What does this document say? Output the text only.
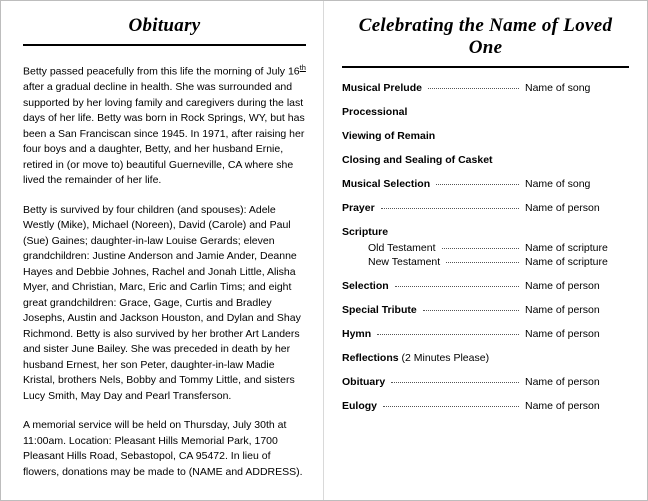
Obituary

Betty passed peacefully from this life the morning of July 16th after a gradual decline in health. She was surrounded and supported by her loving family and caregivers during the last days of her life. Betty was born in Rock Springs, WY, but has been a San Franciscan since 1945. In 1971, after raising her four boys and a daughter, Betty, and her husband Ernie, retired in (or move to) beautiful Guerneville, CA where she lived the remainder of her life.

Betty is survived by four children (and spouses): Adele Westly (Mike), Michael (Noreen), David (Carole) and Paul (Sue) Gaines; daughter-in-law Louise Gerards; eleven grandchildren: Justine Anderson and Jamie Ander, Deanne Hayes and Debbie Johnes, Rachel and Jonah Little, Alisha Myer, and Christian, Marc, Eric and Carlin Tims; and eight great grandchildren: Grace, Gage, Curtis and Bradley Josephs, Austin and Jackson Houston, and Dylan and Shay Richmond. Betty is also survived by her brother Art Landers and sister June Bailey. She was preceded in death by her husband Ernest, her son Peter, daughter-in-law Madie Kristal, brothers Nels, Bobby and Tommy Little, and sisters Lucy Smith, May Day and Pearl Transferson.

A memorial service will be held on Thursday, July 30th at 11:00am. Location: Pleasant Hills Memorial Park, 1700 Pleasant Hills Road, Sebastopol, CA 95472. In lieu of flowers, donations may be made to (NAME and ADDRESS).

Celebrating the Name of Loved One
Musical Prelude	Name of song
Processional
Viewing of Remain
Closing and Sealing of Casket
Musical Selection	Name of song
Prayer	Name of person
Scripture
Old Testament	Name of scripture
New Testament	Name of scripture
Selection	Name of person
Special Tribute	Name of person
Hymn	Name of person
Reflections (2 Minutes Please)
Obituary	Name of person
Eulogy	Name of person
